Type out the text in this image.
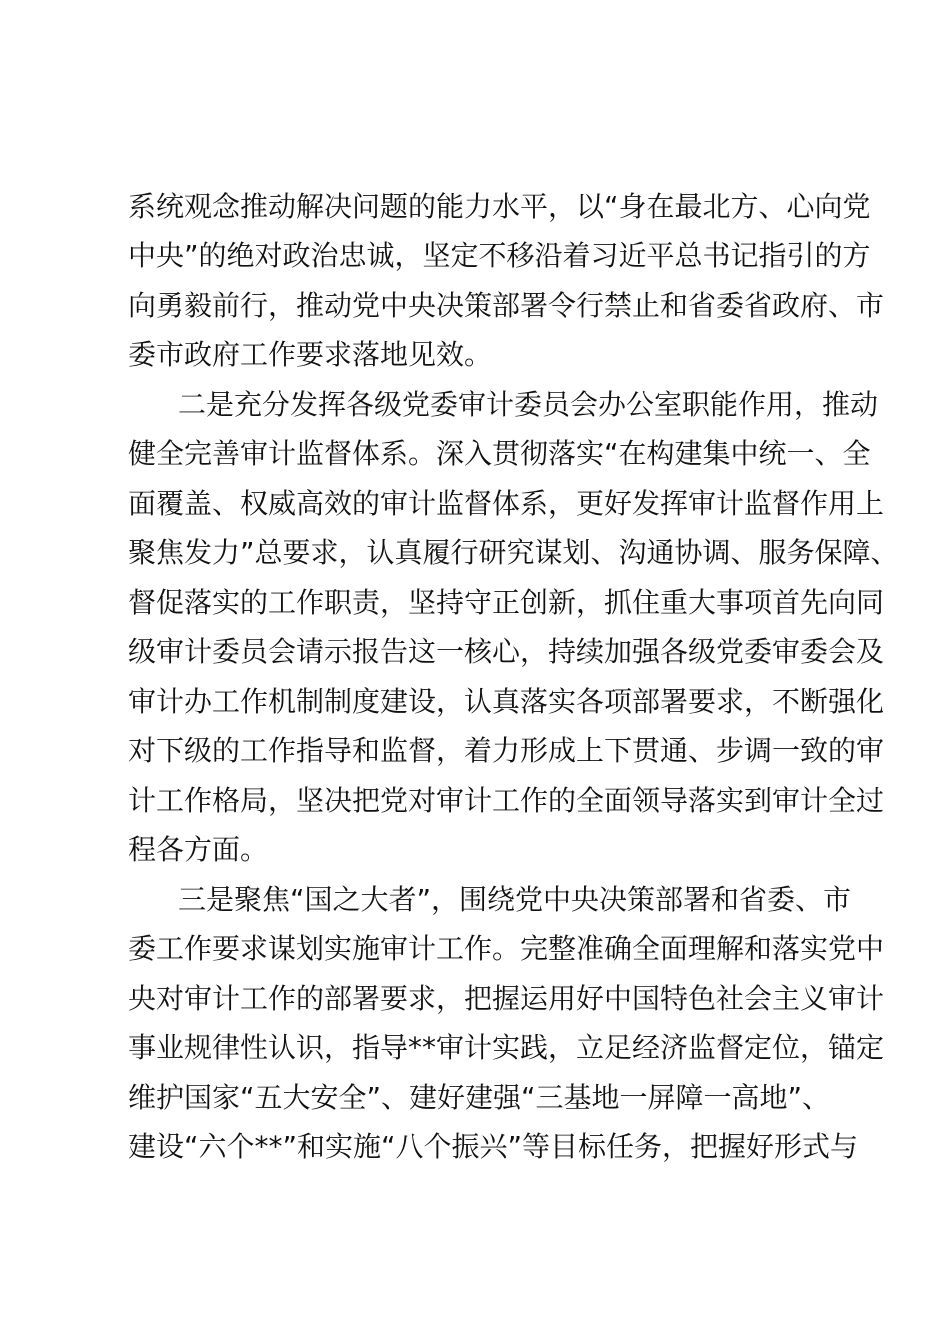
系统观念推动解决问题的能力水平，以“身在最北方、心向党
中央”的绝对政治忠诚，坚定不移沿着习近平总书记指引的方
向勇毅前行，推动党中央决策部署令行禁止和省委省政府、市
委市政府工作要求落地见效。
二是充分发挥各级党委审计委员会办公室职能作用，推动
健全完善审计监督体系。深入贯彻落实“在构建集中统一、全
面覆盖、权威高效的审计监督体系，更好发挥审计监督作用上
聚焦发力”总要求，认真履行研究谋划、沟通协调、服务保障、
督促落实的工作职责，坚持守正创新，抓住重大事项首先向同
级审计委员会请示报告这一核心，持续加强各级党委审委会及
审计办工作机制制度建设，认真落实各项部署要求，不断强化
对下级的工作指导和监督，着力形成上下贯通、步调一致的审
计工作格局，坚决把党对审计工作的全面领导落实到审计全过
程各方面。
三是聚焦“国之大者”，围绕党中央决策部署和省委、市
委工作要求谋划实施审计工作。完整准确全面理解和落实党中
央对审计工作的部署要求，把握运用好中国特色社会主义审计
事业规律性认识，指导**审计实践，立足经济监督定位，锚定
维护国家“五大安全”、建好建强“三基地一屏障一高地”、
建设“六个**”和实施“八个振兴”等目标任务，把握好形式与
